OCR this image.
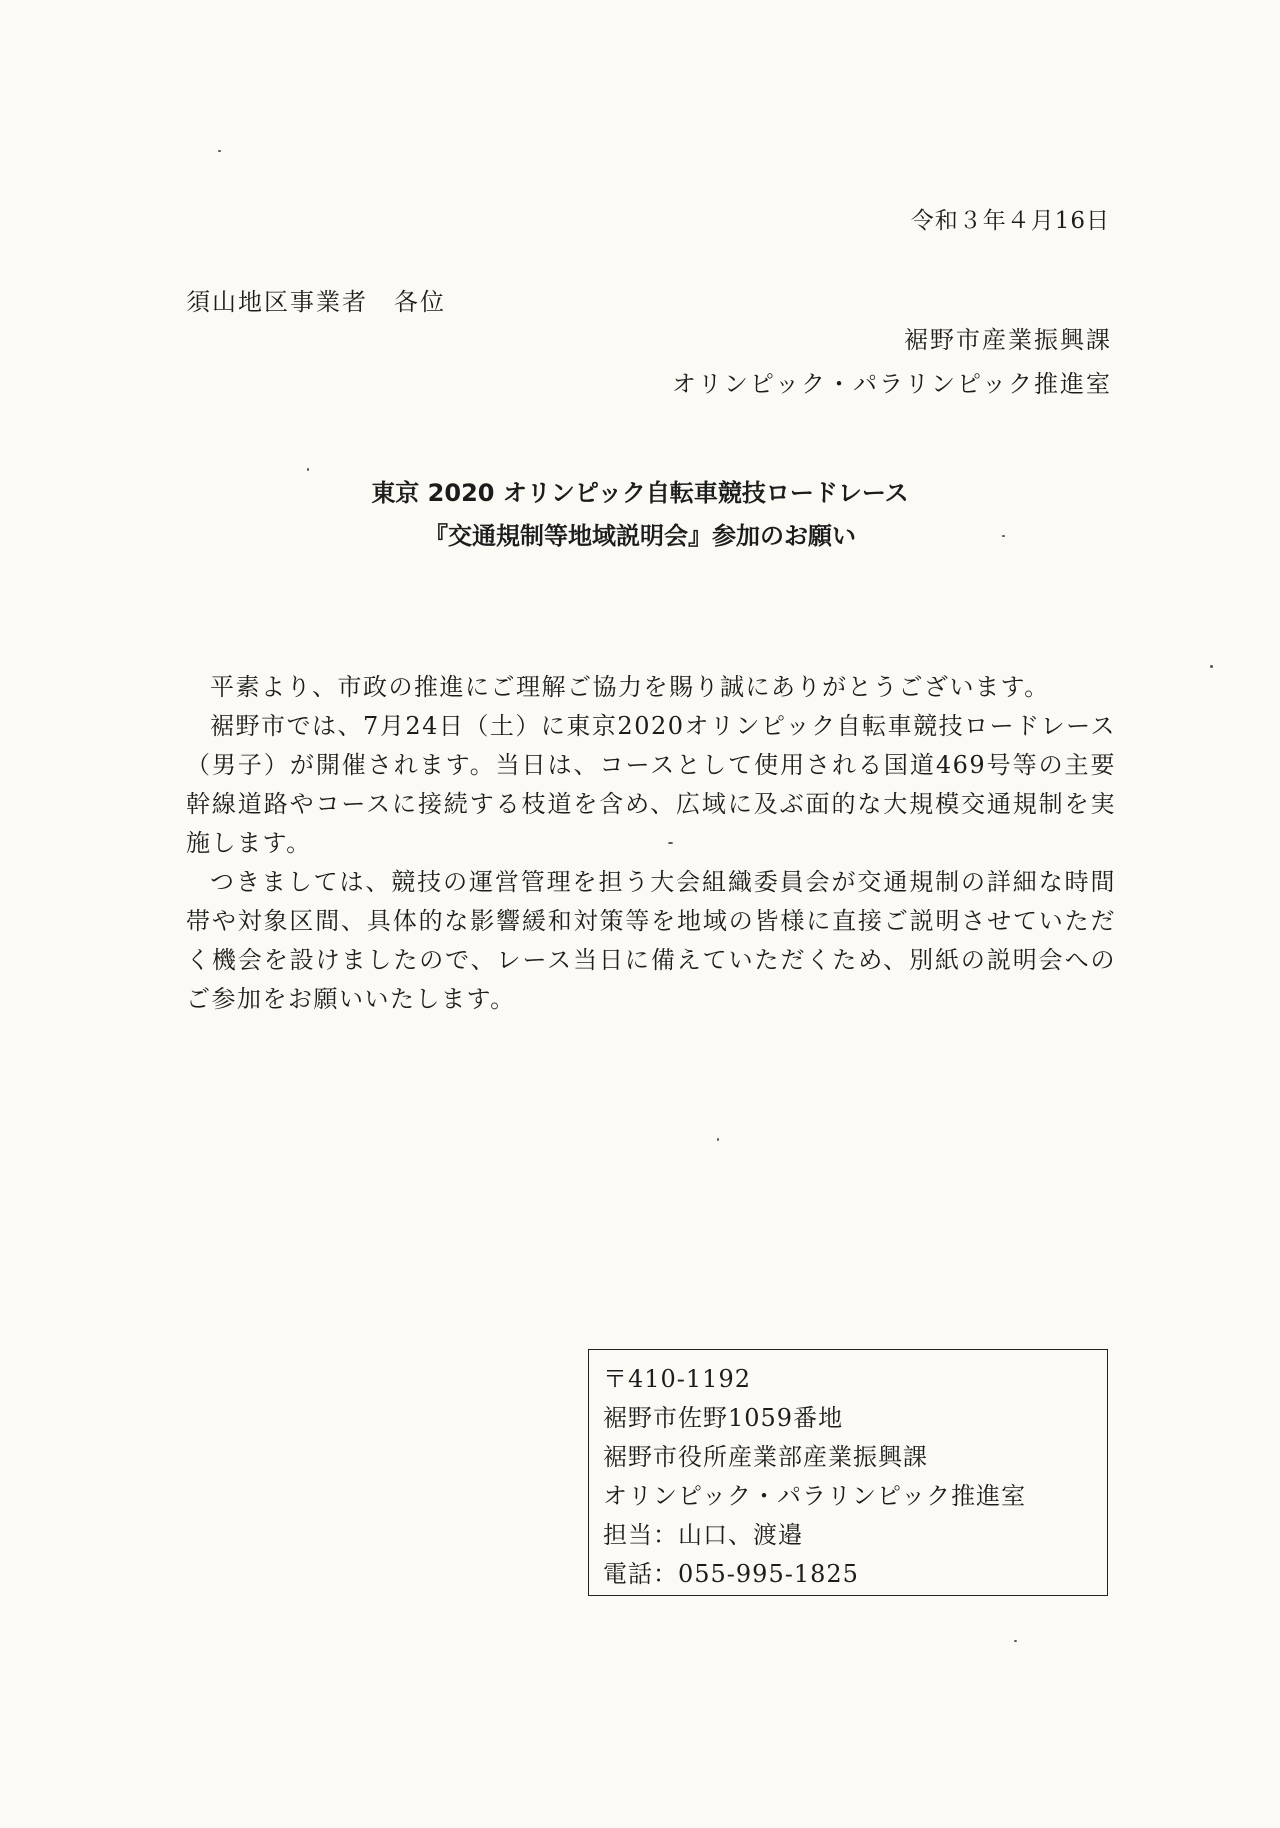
令和３年４月16日
須山地区事業者　各位
裾野市産業振興課
オリンピック・パラリンピック推進室
東京 2020 オリンピック自転車競技ロードレース
『交通規制等地域説明会』参加のお願い

平素より、市政の推進にご理解ご協力を賜り誠にありがとうございます。

裾野市では、7月24日（土）に東京2020オリンピック自転車競技ロードレース（男子）が開催されます。当日は、コースとして使用される国道469号等の主要幹線道路やコースに接続する枝道を含め、広域に及ぶ面的な大規模交通規制を実施します。

つきましては、競技の運営管理を担う大会組織委員会が交通規制の詳細な時間帯や対象区間、具体的な影響緩和対策等を地域の皆様に直接ご説明させていただく機会を設けましたので、レース当日に備えていただくため、別紙の説明会へのご参加をお願いいたします。

〒410-1192
裾野市佐野1059番地
裾野市役所産業部産業振興課
オリンピック・パラリンピック推進室
担当：山口、渡邉
電話：055-995-1825
